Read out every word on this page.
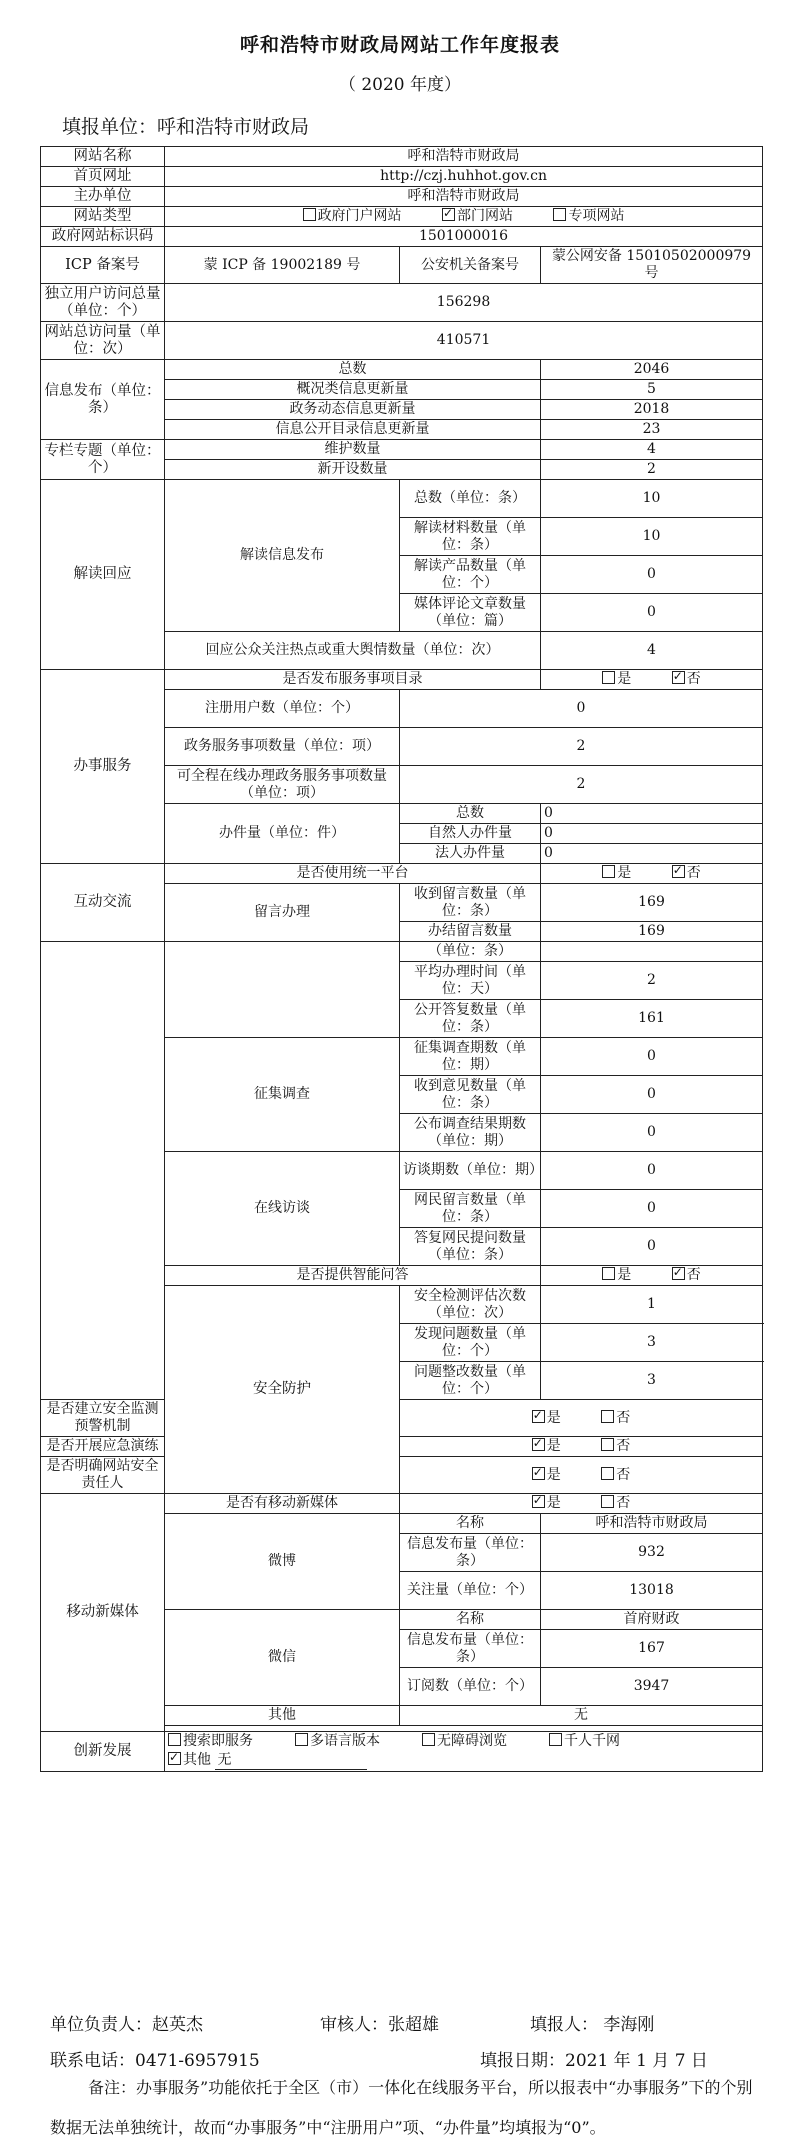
呼和浩特市财政局网站工作年度报表
（ 2020 年度）
填报单位：呼和浩特市财政局
网站名称	呼和浩特市财政局		
首页网址	http://czj.huhhot.gov.cn		
主办单位	呼和浩特市财政局		
网站类型	政府门户网站 ✓ 部门网站 专项网站
政府网站标识码	1501000016		
ICP 备案号	蒙 ICP 备 19002189 号	公安机关备案号	蒙公网安备 15010502000979 号
独立用户访问总量（单位：个）	156298		
网站总访问量（单位：次）	410571		
信息发布（单位：条）	总数		2046
	概况类信息更新量		5
	政务动态信息更新量		2018
	信息公开目录信息更新量		23
专栏专题（单位：个）	维护数量		4
	新开设数量		2
解读回应	解读信息发布	总数（单位：条）	10
		解读材料数量（单位：条）	10
		解读产品数量（单位：个）	0
		媒体评论文章数量（单位：篇）	0
	回应公众关注热点或重大舆情数量（单位：次）		4
办事服务	是否发布服务事项目录		是 ✓ 否
	注册用户数（单位：个）	0	
	政务服务事项数量（单位：项）	2	
	可全程在线办理政务服务事项数量（单位：项）	2	
	办件量（单位：件）	总数	0
		自然人办件量	0
		法人办件量	0
互动交流	是否使用统一平台		是 ✓ 否
	留言办理	收到留言数量（单位：条）	169
		办结留言数量	169
		（单位：条）	
		平均办理时间（单位：天）	2
		公开答复数量（单位：条）	161
	征集调查	征集调查期数（单位：期）	0
		收到意见数量（单位：条）	0
		公布调查结果期数（单位：期）	0
	在线访谈	访谈期数（单位：期）	0
		网民留言数量（单位：条）	0
		答复网民提问数量（单位：条）	0
	是否提供智能问答		是 ✓ 否
	安全防护	安全检测评估次数（单位：次）	1
		发现问题数量（单位：个）	3
		问题整改数量（单位：个）	3
是否建立安全监测预警机制	✓是 否
是否开展应急演练	✓是 否
是否明确网站安全责任人	✓是 否
移动新媒体	是否有移动新媒体	✓是 否
	微博	名称	呼和浩特市财政局
		信息发布量（单位：条）	932
		关注量（单位：个）	13018
	微信	名称	首府财政
		信息发布量（单位：条）	167
		订阅数（单位：个）	3947
	其他	无	

创新发展	搜索即服务 多语言版本 无障碍浏览 千人千网
✓其他 无
单位负责人：赵英杰	审核人：张超雄	填报人： 李海刚
联系电话：0471-6957915	填报日期：2021 年 1 月 7 日
备注：办事服务”功能依托于全区（市）一体化在线服务平台，所以报表中“办事服务”下的个别数据无法单独统计，故而“办事服务”中“注册用户”项、“办件量”均填报为“0”。
